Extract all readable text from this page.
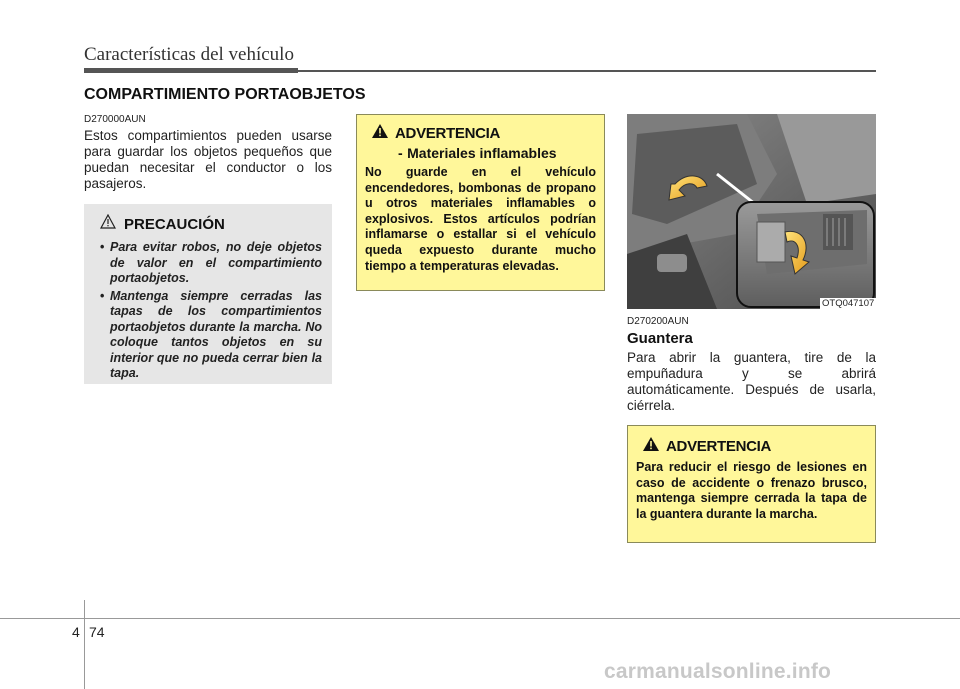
Características del vehículo
COMPARTIMIENTO PORTAOBJETOS
D270000AUN
Estos compartimientos pueden usarse para guardar los objetos pequeños que puedan necesitar el conductor o los pasajeros.
PRECAUCIÓN
• Para evitar robos, no deje objetos de valor en el compartimiento portaobjetos.
• Mantenga siempre cerradas las tapas de los compartimientos portaobjetos durante la marcha. No coloque tantos objetos en su interior que no pueda cerrar bien la tapa.
ADVERTENCIA
- Materiales inflamables
No guarde en el vehículo encendedores, bombonas de propano u otros materiales inflamables o explosivos. Estos artículos podrían inflamarse o estallar si el vehículo queda expuesto durante mucho tiempo a temperaturas elevadas.
OTQ047107
D270200AUN
Guantera
Para abrir la guantera, tire de la empuñadura y se abrirá automáticamente. Después de usarla, ciérrela.
ADVERTENCIA
Para reducir el riesgo de lesiones en caso de accidente o frenazo brusco, mantenga siempre cerrada la tapa de la guantera durante la marcha.
4 74
carmanualsonline.info
